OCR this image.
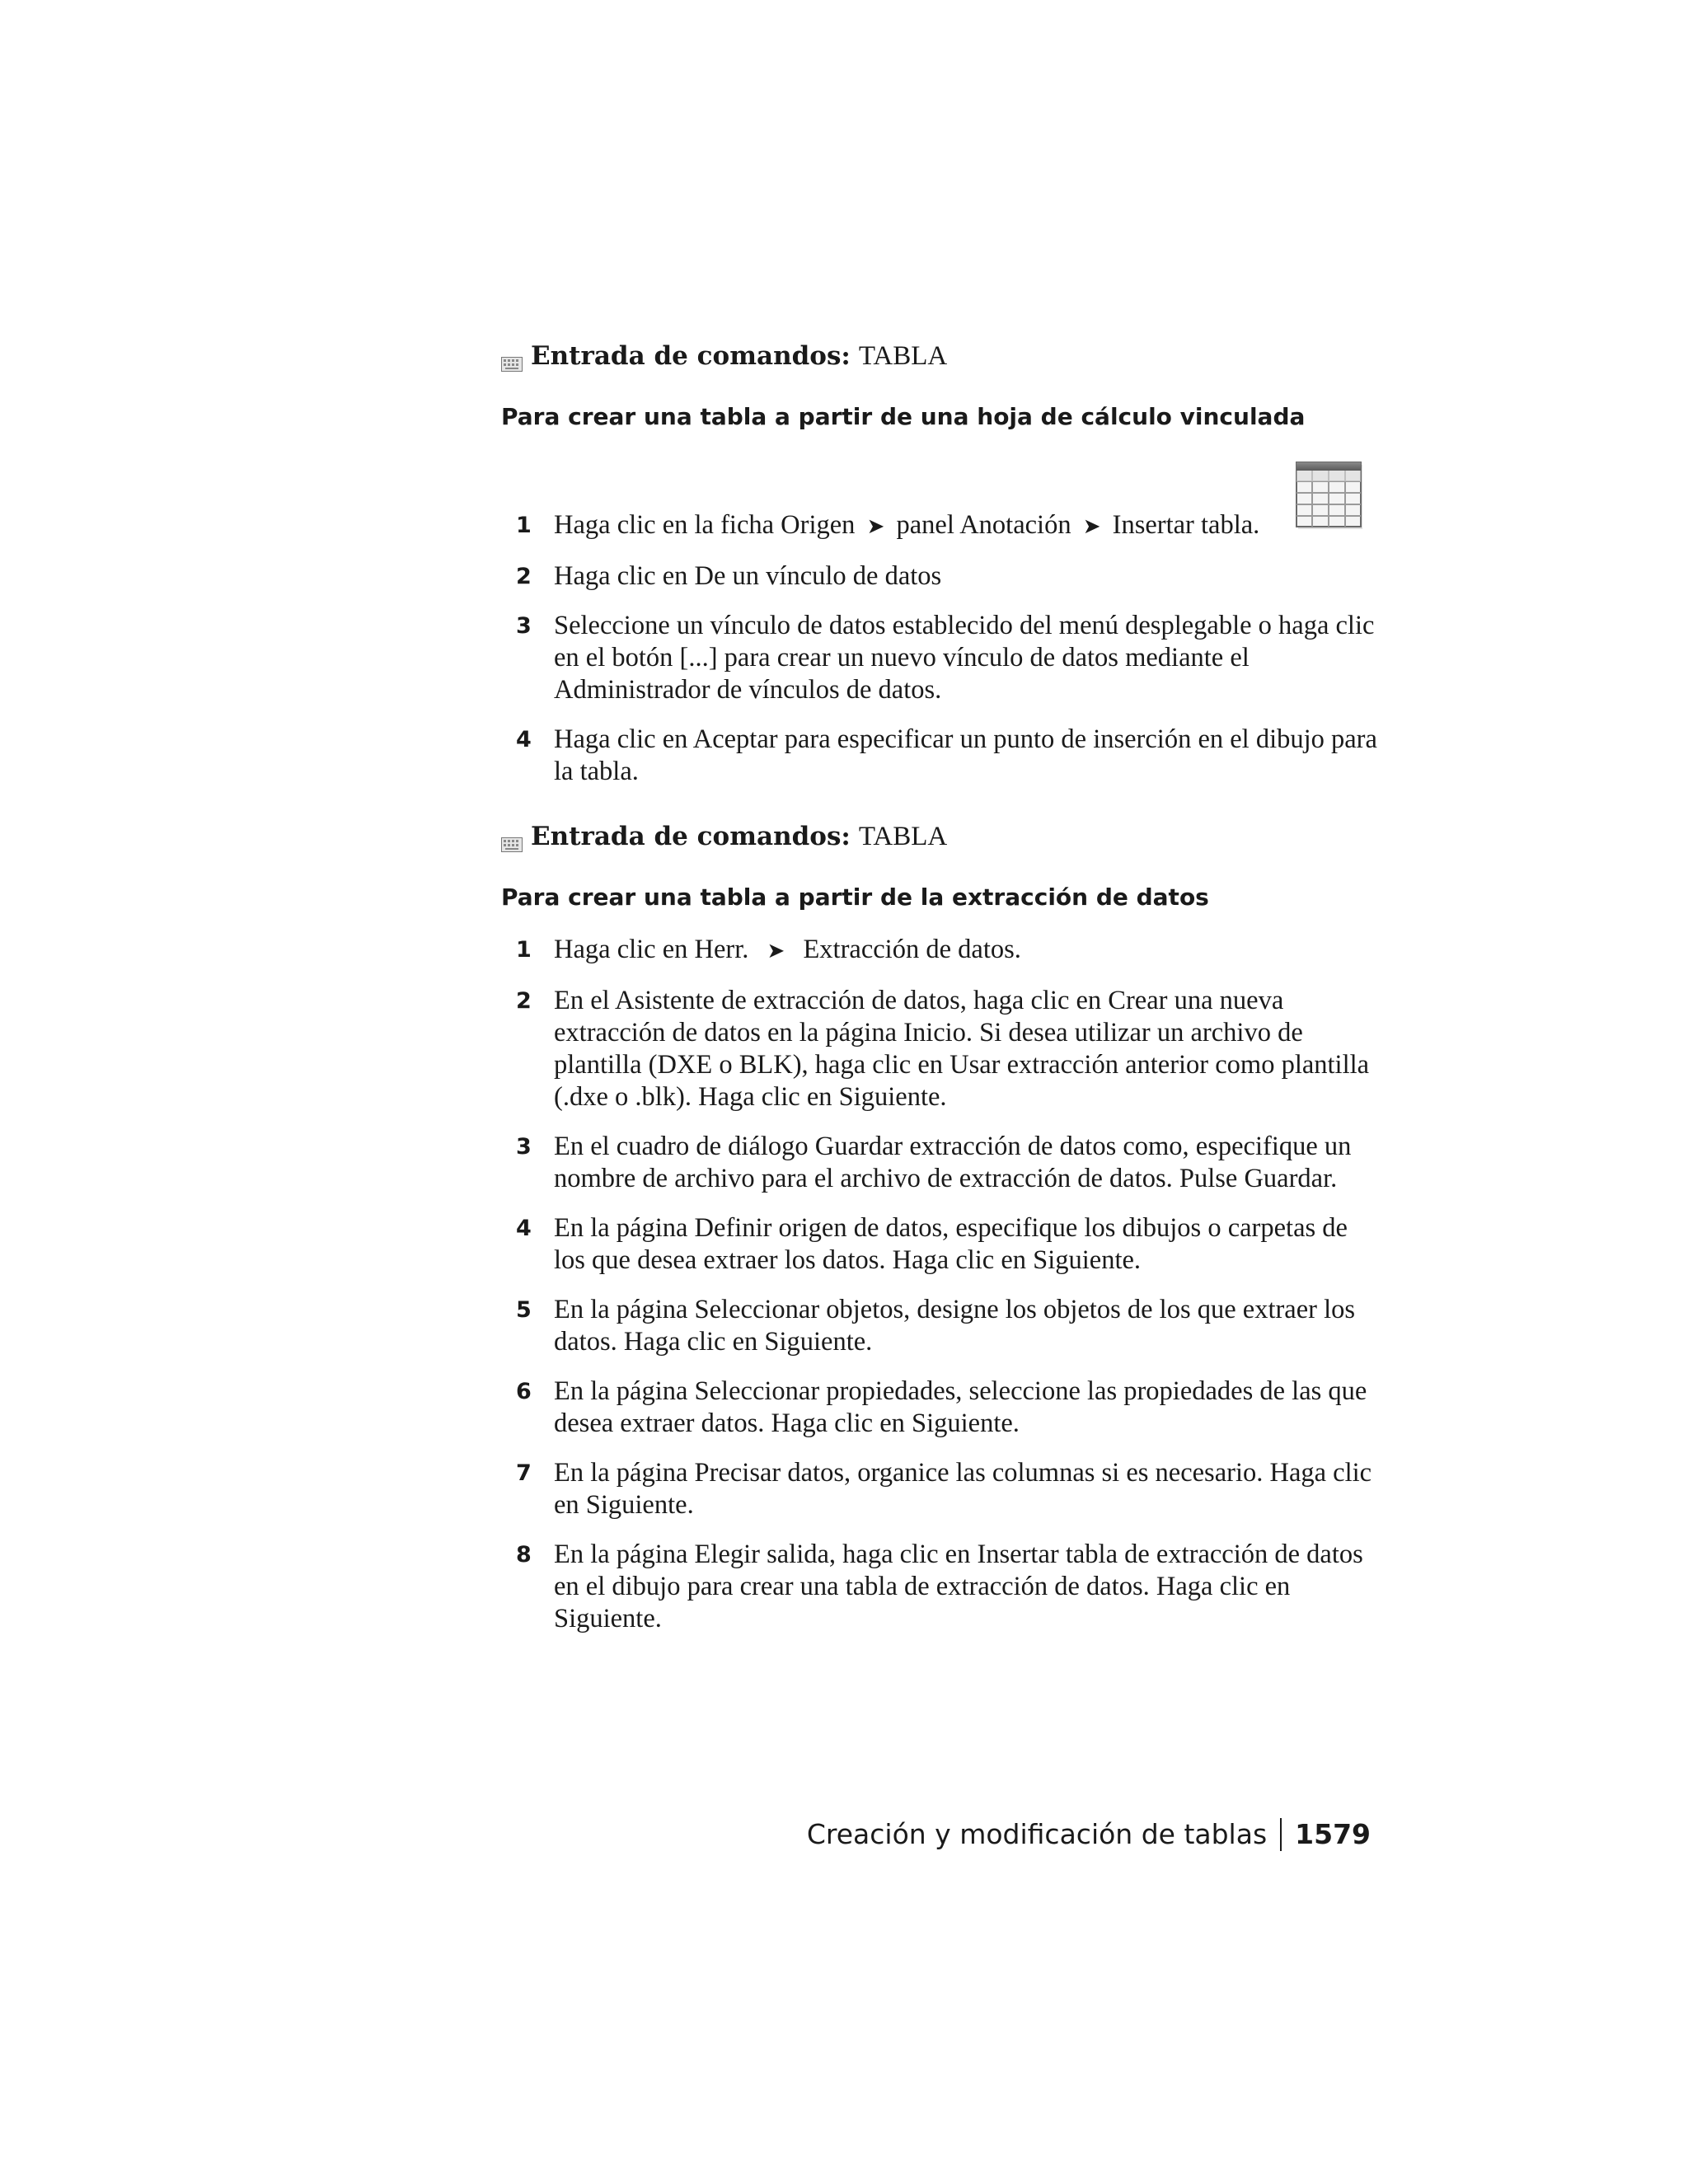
Entrada de comandos: TABLA
Para crear una tabla a partir de una hoja de cálculo vinculada
1 Haga clic en la ficha Origen ➤ panel Anotación ➤ Insertar tabla.
2 Haga clic en De un vínculo de datos
3 Seleccione un vínculo de datos establecido del menú desplegable o haga clic en el botón [...] para crear un nuevo vínculo de datos mediante el Administrador de vínculos de datos.
4 Haga clic en Aceptar para especificar un punto de inserción en el dibujo para la tabla.
Entrada de comandos: TABLA
Para crear una tabla a partir de la extracción de datos
1 Haga clic en Herr. ➤ Extracción de datos.
2 En el Asistente de extracción de datos, haga clic en Crear una nueva extracción de datos en la página Inicio. Si desea utilizar un archivo de plantilla (DXE o BLK), haga clic en Usar extracción anterior como plantilla (.dxe o .blk). Haga clic en Siguiente.
3 En el cuadro de diálogo Guardar extracción de datos como, especifique un nombre de archivo para el archivo de extracción de datos. Pulse Guardar.
4 En la página Definir origen de datos, especifique los dibujos o carpetas de los que desea extraer los datos. Haga clic en Siguiente.
5 En la página Seleccionar objetos, designe los objetos de los que extraer los datos. Haga clic en Siguiente.
6 En la página Seleccionar propiedades, seleccione las propiedades de las que desea extraer datos. Haga clic en Siguiente.
7 En la página Precisar datos, organice las columnas si es necesario. Haga clic en Siguiente.
8 En la página Elegir salida, haga clic en Insertar tabla de extracción de datos en el dibujo para crear una tabla de extracción de datos. Haga clic en Siguiente.
Creación y modificación de tablas 1579
